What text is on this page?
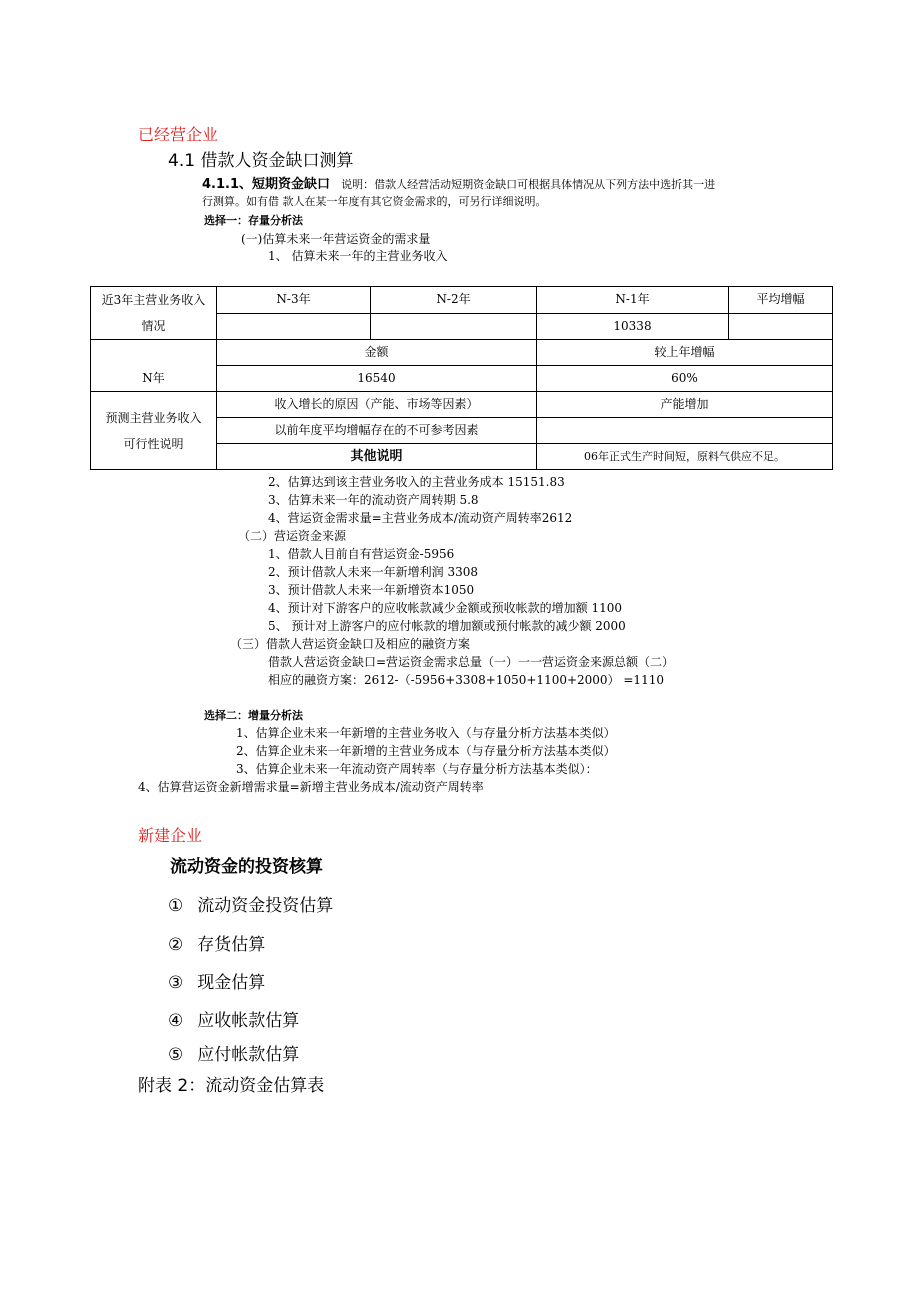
已经营企业
4.1 借款人资金缺口测算
4.1.1、短期资金缺口 说明：借款人经营活动短期资金缺口可根据具体情况从下列方法中选折其一进
行测算。如有借 款人在某一年度有其它资金需求的，可另行详细说明。
选择一：存量分析法
(一)估算未来一年营运资金的需求量
1、 估算未来一年的主营业务收入
近3年主营业务收入
情况	N-3年	N-2年	N-1年	平均增幅
			10338	
N年	金额		较上年增幅	
	16540		60%	
预测主营业务收入
可行性说明	收入增长的原因（产能、市场等因素）		产能增加	
	以前年度平均增幅存在的不可参考因素			
	其他说明		06年正式生产时间短，原料气供应不足。	
2、估算达到该主营业务收入的主营业务成本 15151.83
3、估算未来一年的流动资产周转期 5.8
4、营运资金需求量=主营业务成本/流动资产周转率2612
（二）营运资金来源
1、借款人目前自有营运资金-5956
2、预计借款人未来一年新增利润 3308
3、预计借款人未来一年新增资本1050
4、预计对下游客户的应收帐款减少金额或预收帐款的增加额 1100
5、 预计对上游客户的应付帐款的增加额或预付帐款的减少额 2000
（三）借款人营运资金缺口及相应的融资方案
借款人营运资金缺口=营运资金需求总量（一）一一营运资金来源总额（二）
相应的融资方案：2612-（-5956+3308+1050+1100+2000） =1110
选择二：增量分析法
1、估算企业未来一年新增的主营业务收入（与存量分析方法基本类似）
2、估算企业未来一年新增的主营业务成本（与存量分析方法基本类似）
3、估算企业未来一年流动资产周转率（与存量分析方法基本类似）：
4、估算营运资金新增需求量=新增主营业务成本/流动资产周转率
新建企业
流动资金的投资核算
① 流动资金投资估算
② 存货估算
③ 现金估算
④ 应收帐款估算
⑤ 应付帐款估算
附表 2：流动资金估算表
